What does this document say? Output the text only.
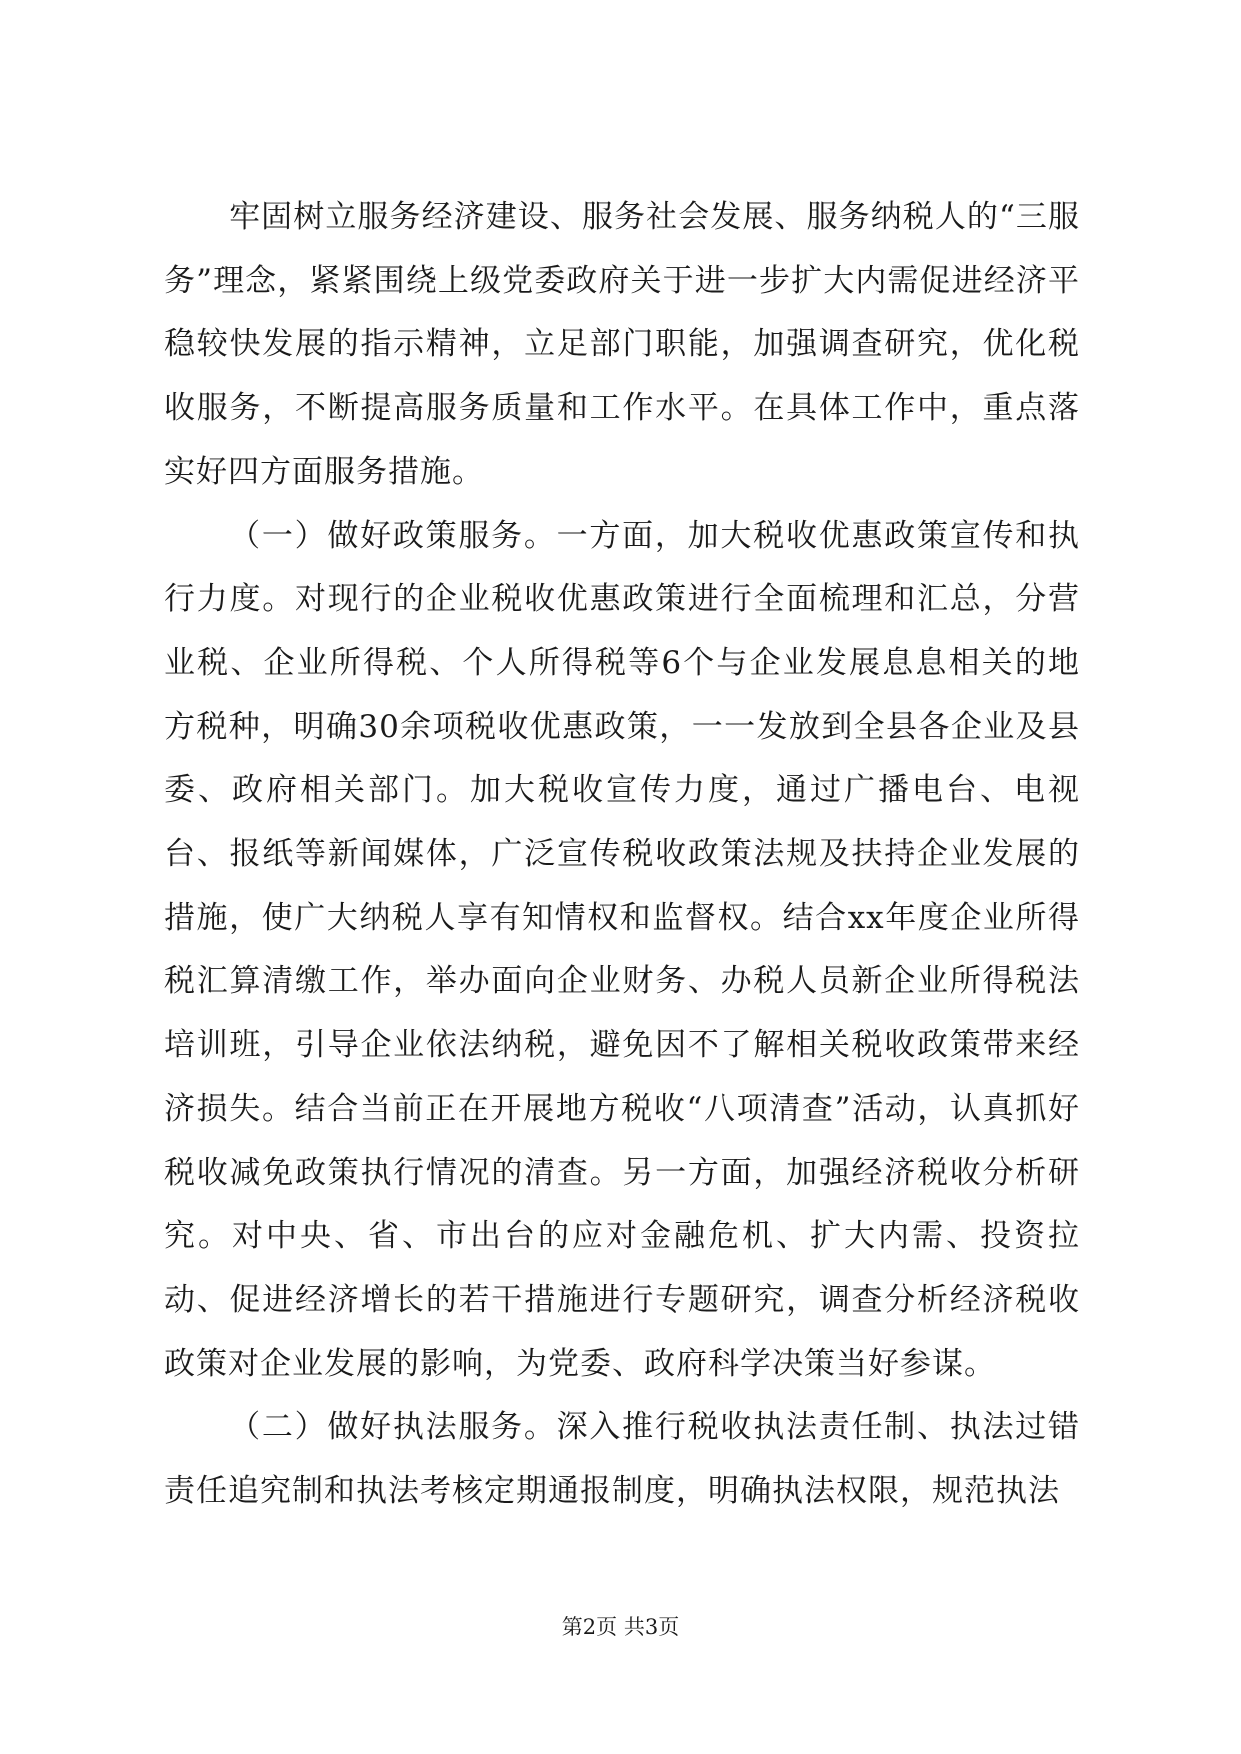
牢固树立服务经济建设、服务社会发展、服务纳税人的“三服务”理念，紧紧围绕上级党委政府关于进一步扩大内需促进经济平稳较快发展的指示精神，立足部门职能，加强调查研究，优化税收服务，不断提高服务质量和工作水平。在具体工作中，重点落实好四方面服务措施。

（一）做好政策服务。一方面，加大税收优惠政策宣传和执行力度。对现行的企业税收优惠政策进行全面梳理和汇总，分营业税、企业所得税、个人所得税等6个与企业发展息息相关的地方税种，明确30余项税收优惠政策，一一发放到全县各企业及县委、政府相关部门。加大税收宣传力度，通过广播电台、电视台、报纸等新闻媒体，广泛宣传税收政策法规及扶持企业发展的措施，使广大纳税人享有知情权和监督权。结合xx年度企业所得税汇算清缴工作，举办面向企业财务、办税人员新企业所得税法培训班，引导企业依法纳税，避免因不了解相关税收政策带来经济损失。结合当前正在开展地方税收“八项清查”活动，认真抓好税收减免政策执行情况的清查。另一方面，加强经济税收分析研究。对中央、省、市出台的应对金融危机、扩大内需、投资拉动、促进经济增长的若干措施进行专题研究，调查分析经济税收政策对企业发展的影响，为党委、政府科学决策当好参谋。

（二）做好执法服务。深入推行税收执法责任制、执法过错责任追究制和执法考核定期通报制度，明确执法权限，规范执法

第2页 共3页
